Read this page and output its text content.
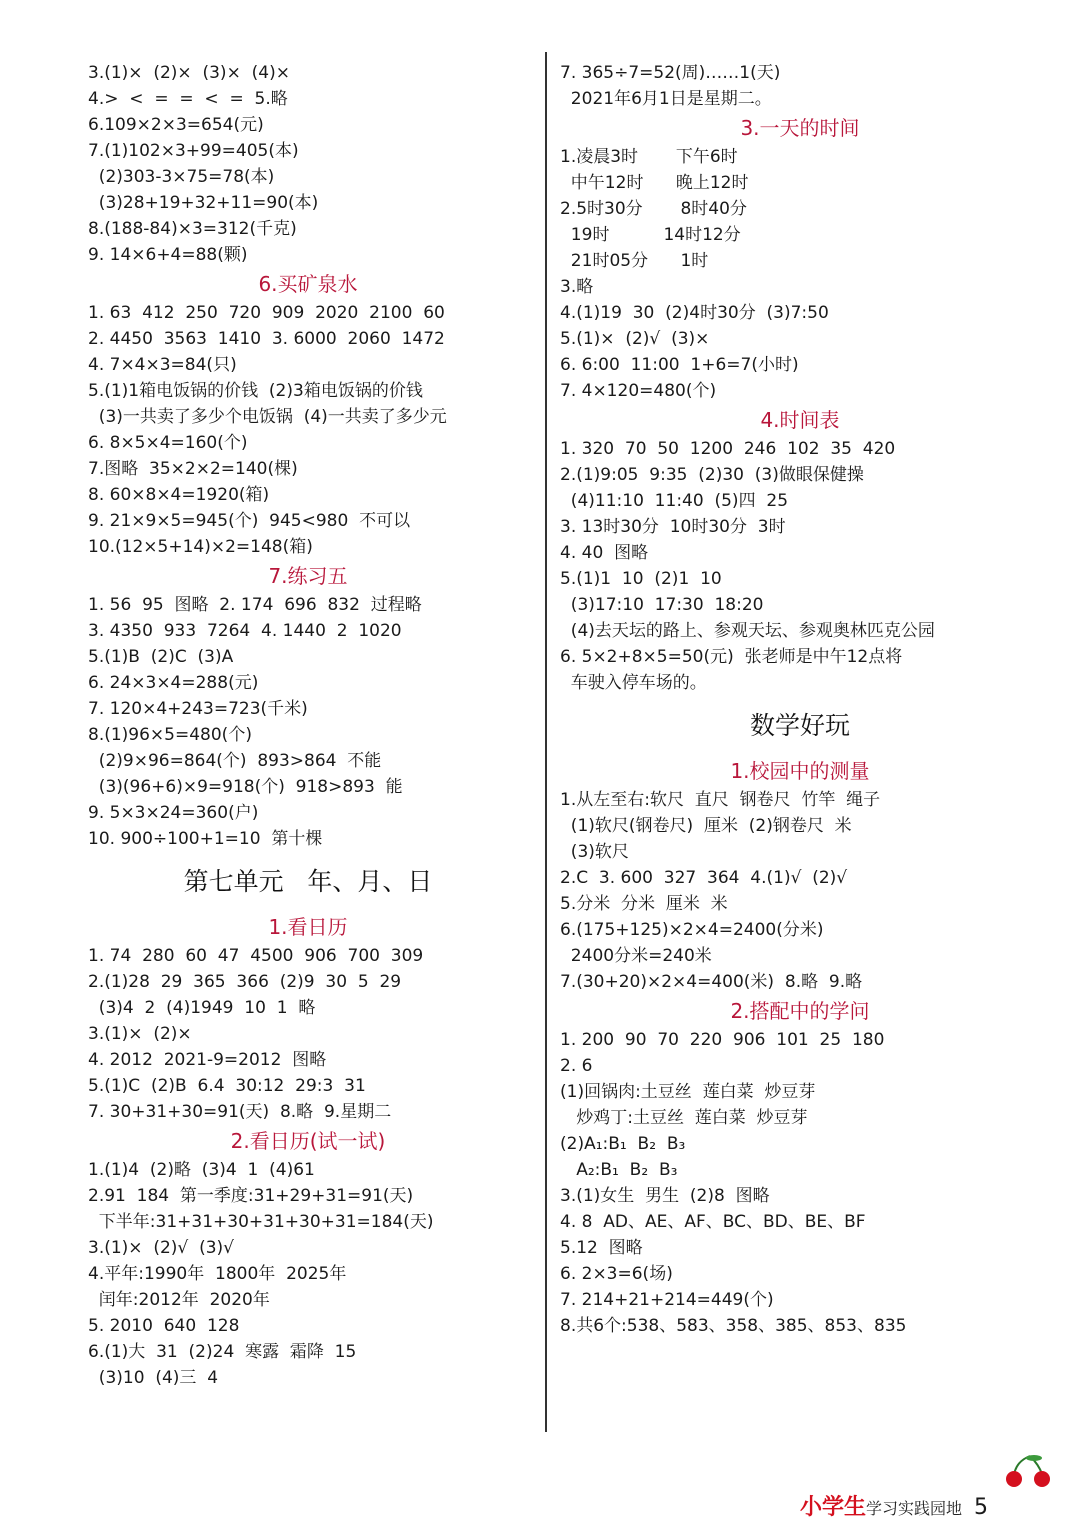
3.(1)×  (2)×  (3)×  (4)×
4.>  <  =  =  <  =  5.略
6.109×2×3=654(元)
7.(1)102×3+99=405(本)
(2)303-3×75=78(本)
(3)28+19+32+11=90(本)
8.(188-84)×3=312(千克)
9. 14×6+4=88(颗)
6.买矿泉水
1. 63  412  250  720  909  2020  2100  60
2. 4450  3563  1410  3. 6000  2060  1472
4. 7×4×3=84(只)
5.(1)1箱电饭锅的价钱  (2)3箱电饭锅的价钱
(3)一共卖了多少个电饭锅  (4)一共卖了多少元
6. 8×5×4=160(个)
7.图略  35×2×2=140(棵)
8. 60×8×4=1920(箱)
9. 21×9×5=945(个)  945<980  不可以
10.(12×5+14)×2=148(箱)
7.练习五
1. 56  95  图略  2. 174  696  832  过程略
3. 4350  933  7264  4. 1440  2  1020
5.(1)B  (2)C  (3)A
6. 24×3×4=288(元)
7. 120×4+243=723(千米)
8.(1)96×5=480(个)
(2)9×96=864(个)  893>864  不能
(3)(96+6)×9=918(个)  918>893  能
9. 5×3×24=360(户)
10. 900÷100+1=10  第十棵
第七单元   年、月、日
1.看日历
1. 74  280  60  47  4500  906  700  309
2.(1)28  29  365  366  (2)9  30  5  29
(3)4  2  (4)1949  10  1  略
3.(1)×  (2)×
4. 2012  2021-9=2012  图略
5.(1)C  (2)B  6.4  30:12  29:3  31
7. 30+31+30=91(天)  8.略  9.星期二
2.看日历(试一试)
1.(1)4  (2)略  (3)4  1  (4)61
2.91  184  第一季度:31+29+31=91(天)
下半年:31+31+30+31+30+31=184(天)
3.(1)×  (2)√  (3)√
4.平年:1990年  1800年  2025年
闰年:2012年  2020年
5. 2010  640  128
6.(1)大  31  (2)24  寒露  霜降  15
(3)10  (4)三  4
7. 365÷7=52(周)……1(天)
2021年6月1日是星期二。
3.一天的时间
1.凌晨3时       下午6时
中午12时      晚上12时
2.5时30分       8时40分
19时          14时12分
21时05分      1时
3.略
4.(1)19  30  (2)4时30分  (3)7:50
5.(1)×  (2)√  (3)×
6. 6:00  11:00  1+6=7(小时)
7. 4×120=480(个)
4.时间表
1. 320  70  50  1200  246  102  35  420
2.(1)9:05  9:35  (2)30  (3)做眼保健操
(4)11:10  11:40  (5)四  25
3. 13时30分  10时30分  3时
4. 40  图略
5.(1)1  10  (2)1  10
(3)17:10  17:30  18:20
(4)去天坛的路上、参观天坛、参观奥林匹克公园
6. 5×2+8×5=50(元)  张老师是中午12点将
车驶入停车场的。
数学好玩
1.校园中的测量
1.从左至右:软尺  直尺  钢卷尺  竹竿  绳子
(1)软尺(钢卷尺)  厘米  (2)钢卷尺  米
(3)软尺
2.C  3. 600  327  364  4.(1)√  (2)√
5.分米  分米  厘米  米
6.(175+125)×2×4=2400(分米)
2400分米=240米
7.(30+20)×2×4=400(米)  8.略  9.略
2.搭配中的学问
1. 200  90  70  220  906  101  25  180
2. 6
(1)回锅肉:土豆丝  莲白菜  炒豆芽
炒鸡丁:土豆丝  莲白菜  炒豆芽
(2)A₁:B₁  B₂  B₃
A₂:B₁  B₂  B₃
3.(1)女生  男生  (2)8  图略
4. 8  AD、AE、AF、BC、BD、BE、BF
5.12  图略
6. 2×3=6(场)
7. 214+21+214=449(个)
8.共6个:538、583、358、385、853、835
小学生学习实践园地 5
